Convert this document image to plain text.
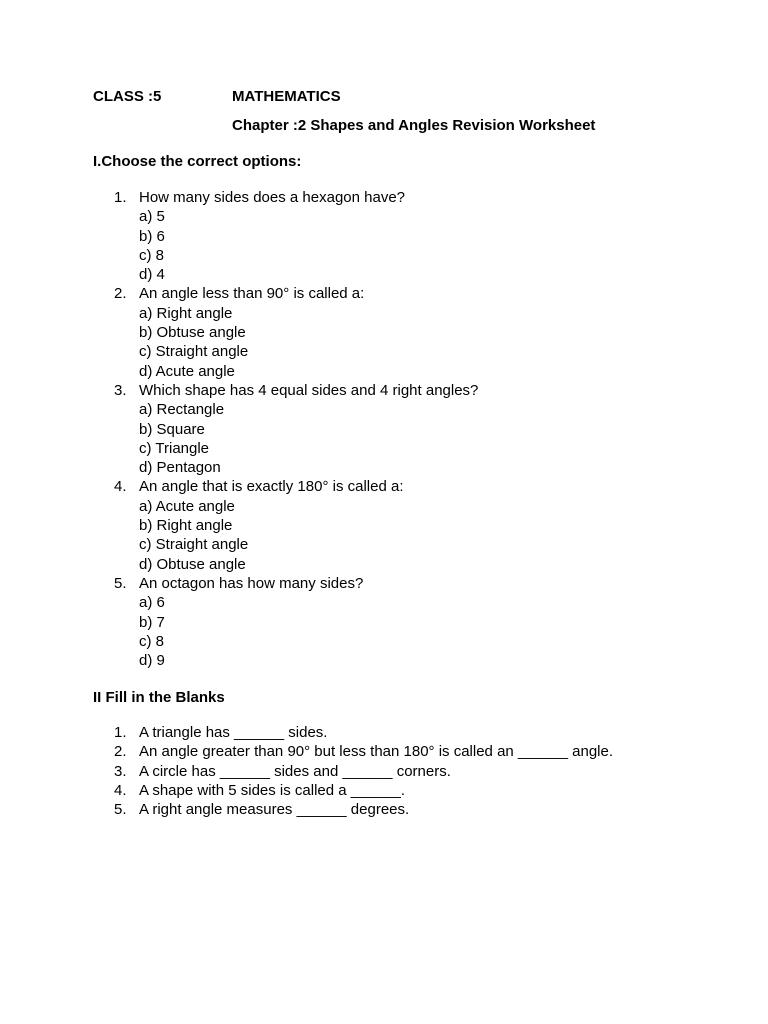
CLASS :5	MATHEMATICS
Chapter :2 Shapes and Angles Revision Worksheet
I.Choose the correct options:
1. How many sides does a hexagon have?
a) 5
b) 6
c) 8
d) 4
2. An angle less than 90° is called a:
a) Right angle
b) Obtuse angle
c) Straight angle
d) Acute angle
3. Which shape has 4 equal sides and 4 right angles?
a) Rectangle
b) Square
c) Triangle
d) Pentagon
4. An angle that is exactly 180° is called a:
a) Acute angle
b) Right angle
c) Straight angle
d) Obtuse angle
5. An octagon has how many sides?
a) 6
b) 7
c) 8
d) 9
II Fill in the Blanks
1. A triangle has ______ sides.
2. An angle greater than 90° but less than 180° is called an ______ angle.
3. A circle has ______ sides and ______ corners.
4. A shape with 5 sides is called a ______.
5. A right angle measures ______ degrees.
